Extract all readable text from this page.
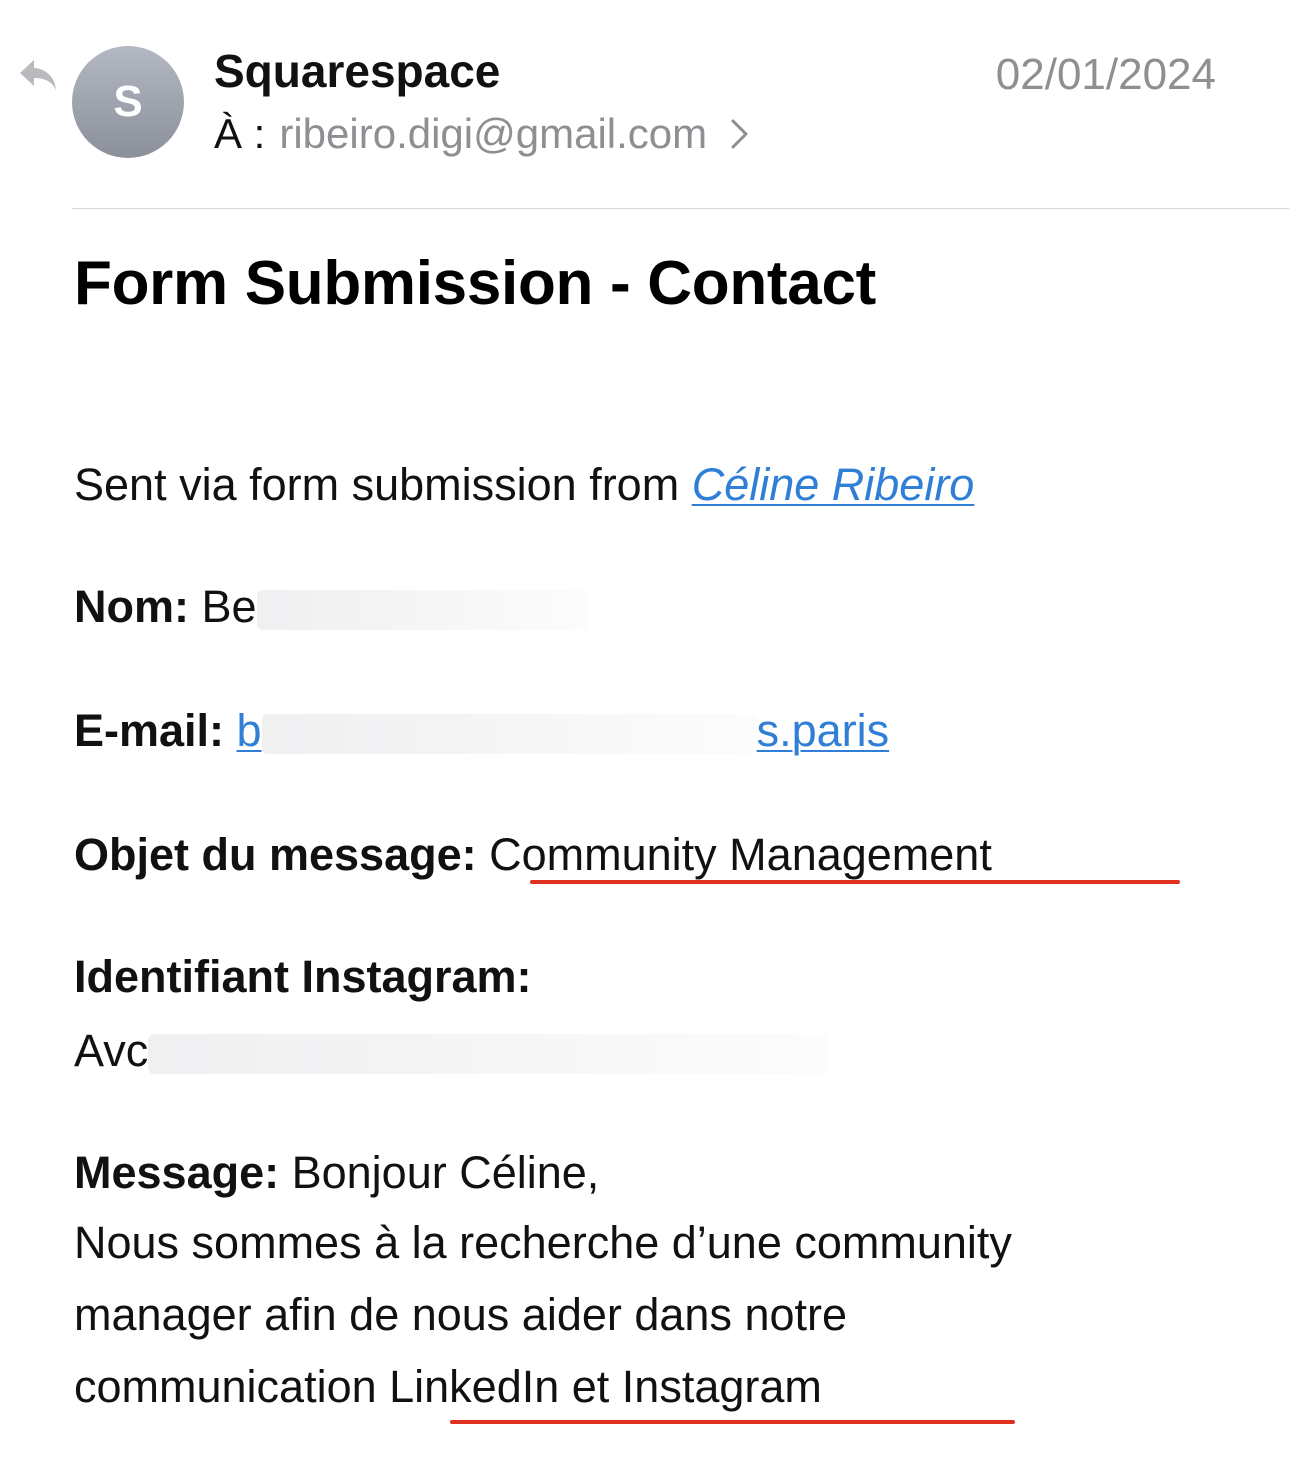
S
Squarespace	02/01/2024
À : ribeiro.digi@gmail.com
Form Submission - Contact
Sent via form submission from Céline Ribeiro
Nom: Be
E-mail: b	s.paris
Objet du message: Community Management
Identifiant Instagram:
Avc
Message: Bonjour Céline,
Nous sommes à la recherche d’une community
manager afin de nous aider dans notre
communication LinkedIn et Instagram
